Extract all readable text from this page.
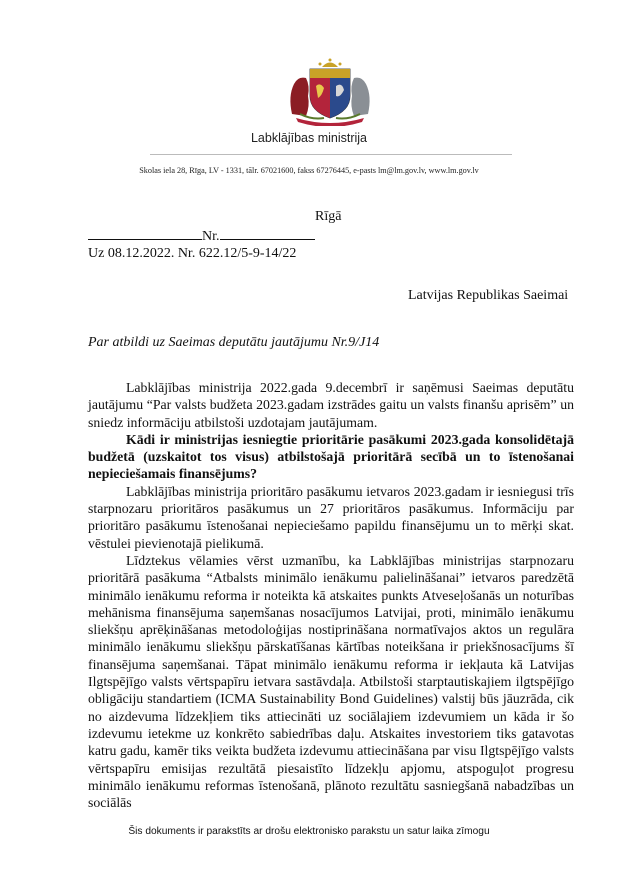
Labklājības ministrija
Skolas iela 28, Rīga, LV - 1331, tālr. 67021600, fakss 67276445, e-pasts lm@lm.gov.lv, www.lm.gov.lv
Rīgā
Nr.
Uz 08.12.2022. Nr. 622.12/5-9-14/22
Latvijas Republikas Saeimai
Par atbildi uz Saeimas deputātu jautājumu Nr.9/J14

Labklājības ministrija 2022.gada 9.decembrī ir saņēmusi Saeimas deputātu jautājumu “Par valsts budžeta 2023.gadam izstrādes gaitu un valsts finanšu aprisēm” un sniedz informāciju atbilstoši uzdotajam jautājumam.

Kādi ir ministrijas iesniegtie prioritārie pasākumi 2023.gada konsolidētajā budžetā (uzskaitot tos visus) atbilstošajā prioritārā secībā un to īstenošanai nepieciešamais finansējums?

Labklājības ministrija prioritāro pasākumu ietvaros 2023.gadam ir iesniegusi trīs starpnozaru prioritāros pasākumus un 27 prioritāros pasākumus. Informāciju par prioritāro pasākumu īstenošanai nepieciešamo papildu finansējumu un to mērķi skat. vēstulei pievienotajā pielikumā.

Līdztekus vēlamies vērst uzmanību, ka Labklājības ministrijas starpnozaru prioritārā pasākuma “Atbalsts minimālo ienākumu palielināšanai” ietvaros paredzētā minimālo ienākumu reforma ir noteikta kā atskaites punkts Atveseļošanās un noturības mehānisma finansējuma saņemšanas nosacījumos Latvijai, proti, minimālo ienākumu sliekšņu aprēķināšanas metodoloģijas nostiprināšana normatīvajos aktos un regulāra minimālo ienākumu sliekšņu pārskatīšanas kārtības noteikšana ir priekšnosacījums šī finansējuma saņemšanai. Tāpat minimālo ienākumu reforma ir iekļauta kā Latvijas Ilgtspējīgo valsts vērtspapīru ietvara sastāvdaļa. Atbilstoši starptautiskajiem ilgtspējīgo obligāciju standartiem (ICMA Sustainability Bond Guidelines) valstij būs jāuzrāda, cik no aizdevuma līdzekļiem tiks attiecināti uz sociālajiem izdevumiem un kāda ir šo izdevumu ietekme uz konkrēto sabiedrības daļu. Atskaites investoriem tiks gatavotas katru gadu, kamēr tiks veikta budžeta izdevumu attiecināšana par visu Ilgtspējīgo valsts vērtspapīru emisijas rezultātā piesaistīto līdzekļu apjomu, atspoguļot progresu minimālo ienākumu reformas īstenošanā, plānoto rezultātu sasniegšanā nabadzības un sociālās

Šis dokuments ir parakstīts ar drošu elektronisko parakstu un satur laika zīmogu
